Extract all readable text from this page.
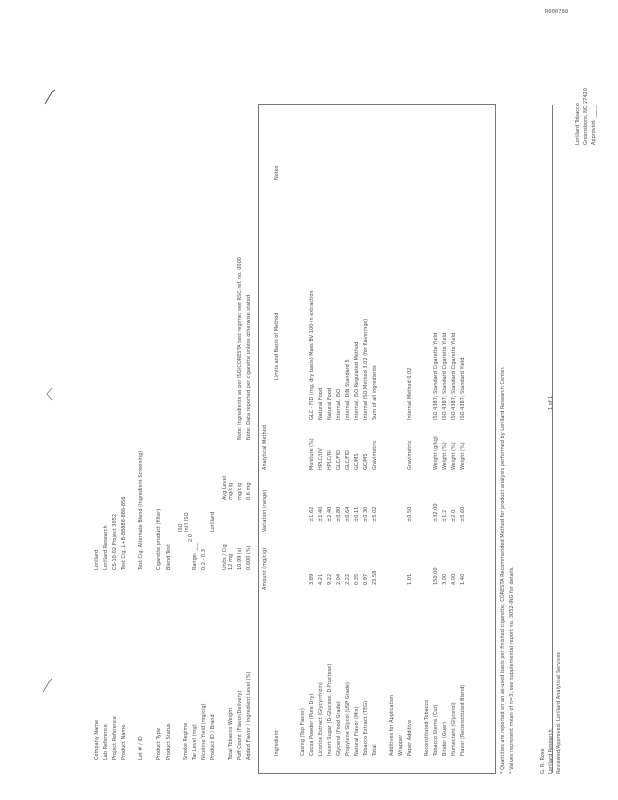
R000788
Company Name
Lorillard
Lab Reference
Lorillard Research
Project Reference
CS-10-02 Project 3052
Product Name
Test Cig. L+B-88888-886-856
Lot # / ID
Test Cig. Alternate Blend (Ingredient Screening)
Product Type
Cigarette product (filter)
Product Status
Blend Test
Smoke Regime
ISO Int'l ISO
Tar Level (mg)
Range: ___
2.0
Nicotine Yield (mg/cig)
0.2 - 0.3
Product ID / Brand
Lorillard
Units / Cig
Avg Level
12 mg
mg/cig
Total Tobacco Weight Puff Count (Flavor/Delivery)
10.99 (s)
mg/cig
Added Flavor / Ingredient Level (%)
0.000 (%)
0.6 mg
Note: Ingredients as per ISO/CORESTA test regime; see RSC ref. no. 0000 Note: Data reported per cigarette unless otherwise stated
Ingredient
Amount (mg/cig)
Variation (range)
Analytical Method
Limits and Basis of Method
Notes
Casing (Top Flavor) Cocoa Powder (Pure Dry)
3.89
±1.62
Moisture (%)
GLC - FID (mg, dry basis) Mass BV 100-in extraction
Licorice Extract (Glycyrrhizin)
4.21
±1.40
HPLC/UV
Natural Food
Invert Sugar (D-Glucose, D-Fructose)
9.22
±2.40
HPLC/RI
Natural Food
Glycerol (Food Grade)
2.04
±0.80
GLC/FID
Internal, ISO
Propylene Glycol (USP Grade)
2.22
±0.64
GLC/FID
Internal, DIN Standard 5
Natural Flavor (Mix)
0.35
±0.11
GC/MS
Internal, ISO Regulated Method
Tobacco Extract (TEG)
0.97
±0.30
GC/MS
Internal ISO Method 3.02 (for flavorings)
Total
23.58
±5.02
Gravimetric
Sum of all ingredients
Additives for Application Wrapper Paper Additive
1.01
±0.50
Gravimetric
Internal Method 0.02
Reconstituted Tobacco Tobacco Stems (Cut)
150.00
±32.00
Weight (g/kg)
ISO 4387; Standard Cigarette Yield
Binder (Guar)
3.00
±1.2
Weight (%)
ISO 4387; Standard Cigarette Yield
Humectant (Glycerol)
4.00
±2.0
Weight (%)
ISO 4387; Standard Cigarette Yield
Flavor (Reconstituted Blend)
1.40
±0.60
Weight (%)
ISO 4387; Standard Yield	* Quantities are reported on an as-used basis per finished cigarette; CORESTA Recommended Method for product analysis performed by Lorillard Research Center. * Values represent mean of n=3; see supplemental report no. 3052-ING for details.	G. R. Rose Lorillard Research Reviewed/Approved: Lorillard Analytical Services
1 of 1
Lorillard Tobacco Greensboro, NC 27420 Approved: _____
